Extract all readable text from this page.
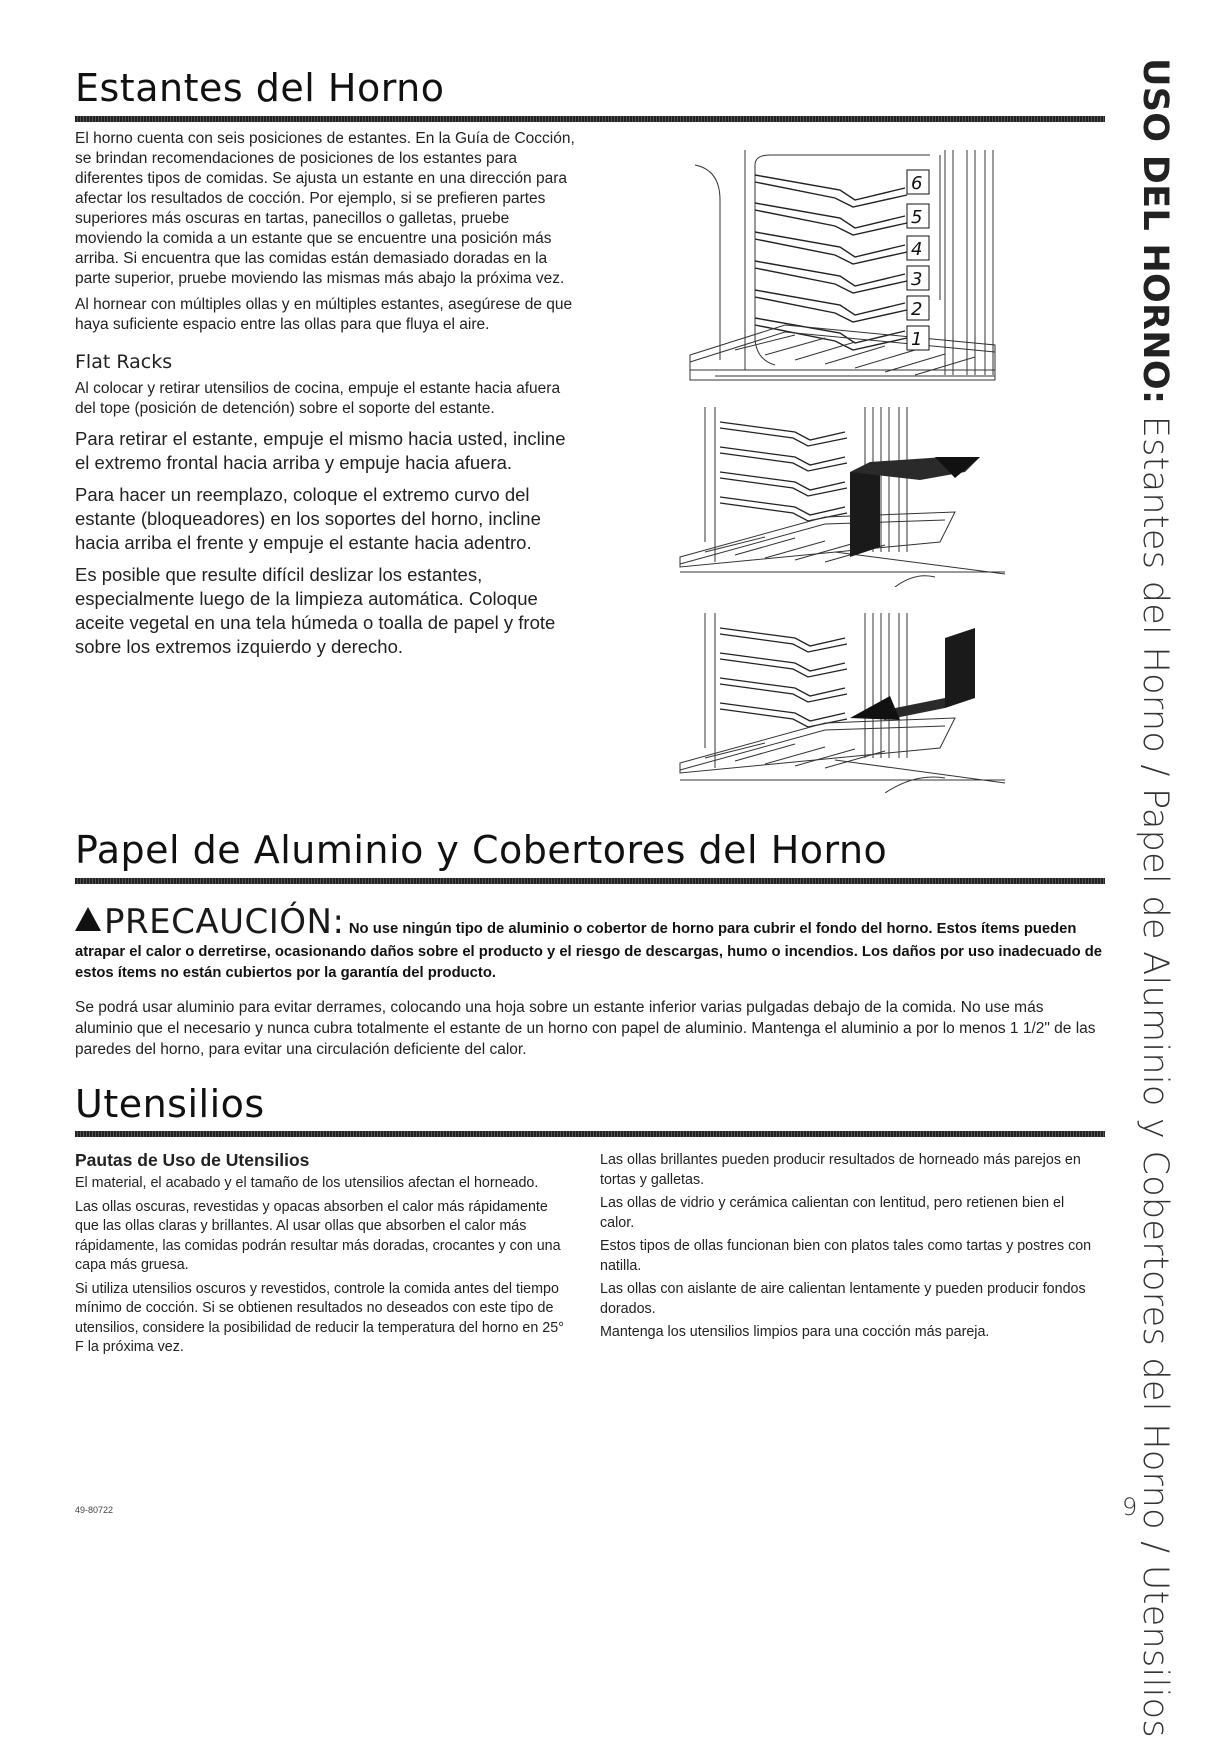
Estantes del Horno

El horno cuenta con seis posiciones de estantes. En la Guía de Cocción, se brindan recomendaciones de posiciones de los estantes para diferentes tipos de comidas. Se ajusta un estante en una dirección para afectar los resultados de cocción. Por ejemplo, si se prefieren partes superiores más oscuras en tartas, panecillos o galletas, pruebe moviendo la comida a un estante que se encuentre una posición más arriba. Si encuentra que las comidas están demasiado doradas en la parte superior, pruebe moviendo las mismas más abajo la próxima vez.

Al hornear con múltiples ollas y en múltiples estantes, asegúrese de que haya suficiente espacio entre las ollas para que fluya el aire.

Flat Racks

Al colocar y retirar utensilios de cocina, empuje el estante hacia afuera del tope (posición de detención) sobre el soporte del estante.

Para retirar el estante, empuje el mismo hacia usted, incline el extremo frontal hacia arriba y empuje hacia afuera.

Para hacer un reemplazo, coloque el extremo curvo del estante (bloqueadores) en los soportes del horno, incline hacia arriba el frente y empuje el estante hacia adentro.

Es posible que resulte difícil deslizar los estantes, especialmente luego de la limpieza automática. Coloque aceite vegetal en una tela húmeda o toalla de papel y frote sobre los extremos izquierdo y derecho.

6
5
4
3
2
1
Papel de Aluminio y Cobertores del Horno
PRECAUCIÓN: No use ningún tipo de aluminio o cobertor de horno para cubrir el fondo del horno. Estos ítems pueden atrapar el calor o derretirse, ocasionando daños sobre el producto y el riesgo de descargas, humo o incendios. Los daños por uso inadecuado de estos ítems no están cubiertos por la garantía del producto.

Se podrá usar aluminio para evitar derrames, colocando una hoja sobre un estante inferior varias pulgadas debajo de la comida. No use más aluminio que el necesario y nunca cubra totalmente el estante de un horno con papel de aluminio. Mantenga el aluminio a por lo menos 1 1/2" de las paredes del horno, para evitar una circulación deficiente del calor.

Utensilios

Pautas de Uso de Utensilios

El material, el acabado y el tamaño de los utensilios afectan el horneado.

Las ollas oscuras, revestidas y opacas absorben el calor más rápidamente que las ollas claras y brillantes. Al usar ollas que absorben el calor más rápidamente, las comidas podrán resultar más doradas, crocantes y con una capa más gruesa.

Si utiliza utensilios oscuros y revestidos, controle la comida antes del tiempo mínimo de cocción. Si se obtienen resultados no deseados con este tipo de utensilios, considere la posibilidad de reducir la temperatura del horno en 25° F la próxima vez.

Las ollas brillantes pueden producir resultados de horneado más parejos en tortas y galletas.

Las ollas de vidrio y cerámica calientan con lentitud, pero retienen bien el calor.

Estos tipos de ollas funcionan bien con platos tales como tartas y postres con natilla.

Las ollas con aislante de aire calientan lentamente y pueden producir fondos dorados.

Mantenga los utensilios limpios para una cocción más pareja.

USO DEL HORNO: Estantes del Horno / Papel de Aluminio y Cobertores del Horno / Utensilios
49-80722	9
